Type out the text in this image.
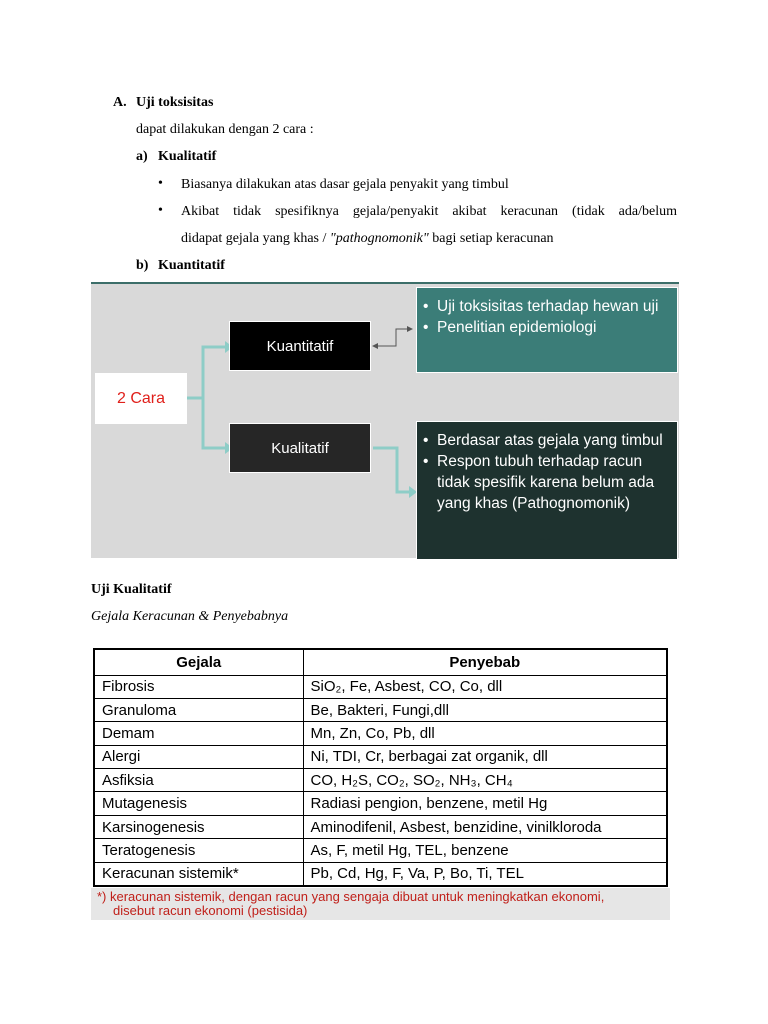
A. Uji toksisitas
dapat dilakukan dengan 2 cara :
a) Kualitatif
• Biasanya dilakukan atas dasar gejala penyakit yang timbul
• Akibat tidak spesifiknya gejala/penyakit akibat keracunan (tidak ada/belum
didapat gejala yang khas / "pathognomonik" bagi setiap keracunan
b) Kuantitatif
2 Cara
Kuantitatif
Kualitatif
• Uji toksisitas terhadap hewan uji
• Penelitian epidemiologi
• Berdasar atas gejala yang timbul
• Respon tubuh terhadap racun tidak spesifik karena belum ada yang khas (Pathognomonik)
Uji Kualitatif
Gejala Keracunan & Penyebabnya
Gejala	Penyebab
Fibrosis	SiO₂, Fe, Asbest, CO, Co, dll
Granuloma	Be, Bakteri, Fungi,dll
Demam	Mn, Zn, Co, Pb, dll
Alergi	Ni, TDI, Cr, berbagai zat organik, dll
Asfiksia	CO, H₂S, CO₂, SO₂, NH₃, CH₄
Mutagenesis	Radiasi pengion, benzene, metil Hg
Karsinogenesis	Aminodifenil, Asbest, benzidine, vinilkloroda
Teratogenesis	As, F, metil Hg, TEL, benzene
Keracunan sistemik*	Pb, Cd, Hg, F, Va, P, Bo, Ti, TEL
*) keracunan sistemik, dengan racun yang sengaja dibuat untuk meningkatkan ekonomi,
disebut racun ekonomi (pestisida)
